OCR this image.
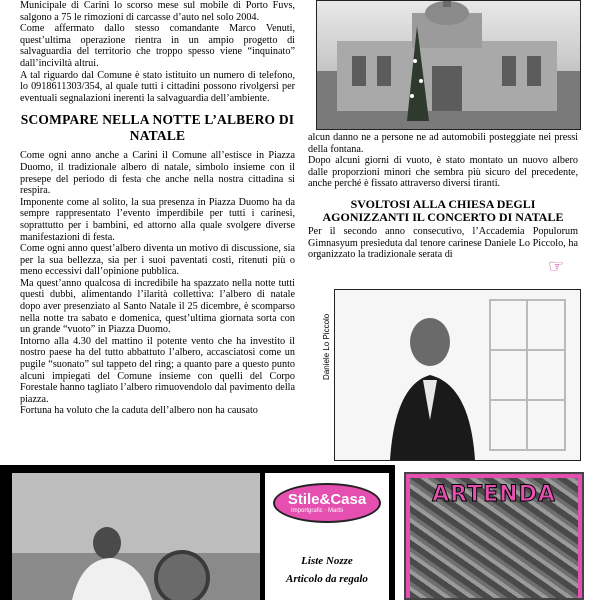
Municipale di Carini lo scorso mese sul mobile di Porto Fuvs, salgono a 75 le rimozioni di carcasse d’auto nel solo 2004.

Come affermato dallo stesso comandante Marco Venuti, quest’ultima operazione rientra in un ampio progetto di salvaguardia del territorio che troppo spesso viene “inquinato” dall’inciviltà altrui.

A tal riguardo dal Comune è stato istituito un numero di telefono, lo 0918611303/354, al quale tutti i cittadini possono rivolgersi per eventuali segnalazioni inerenti la salvaguardia dell’ambiente.

SCOMPARE NELLA NOTTE L’ALBERO DI NATALE

Come ogni anno anche a Carini il Comune all’estisce in Piazza Duomo, il tradizionale albero di natale, simbolo insieme con il presepe del periodo di festa che anche nella nostra cittadina si respira.

Imponente come al solito, la sua presenza in Piazza Duomo ha da sempre rappresentato l’evento imperdibile per tutti i carinesi, soprattutto per i bambini, ed attorno alla quale svolgere diverse manifestazioni di festa.

Come ogni anno quest’albero diventa un motivo di discussione, sia per la sua bellezza, sia per i suoi paventati costi, ritenuti più o meno eccessivi dall’opinione pubblica.

Ma quest’anno qualcosa di incredibile ha spazzato nella notte tutti questi dubbi, alimentando l’ilarità collettiva: l’albero di natale dopo aver presenziato al Santo Natale il 25 dicembre, è scomparso nella notte tra sabato e domenica, quest’ultima giornata sorta con un grande “vuoto” in Piazza Duomo.

Intorno alla 4.30 del mattino il potente vento che ha investito il nostro paese ha del tutto abbattuto l’albero, accasciatosi come un pugile “suonato” sul tappeto del ring; a quanto pare a questo punto alcuni impiegati del Comune insieme con quelli del Corpo Forestale hanno tagliato l’albero rimuovendolo dal pavimento della piazza.

Fortuna ha voluto che la caduta dell’albero non ha causato

alcun danno ne a persone ne ad automobili posteggiate nei pressi della fontana.

Dopo alcuni giorni di vuoto, è stato montato un nuovo albero dalle proporzioni minori che sembra più sicuro del precedente, anche perché è fissato attraverso diversi tiranti.

SVOLTOSI ALLA CHIESA DEGLI AGONIZZANTI IL CONCERTO DI NATALE

Per il secondo anno consecutivo, l’Accademia Populorum Gimnasyum presieduta dal tenore carinese Daniele Lo Piccolo, ha organizzato la tradizionale serata di

☞
Daniele Lo Piccolo
Stile&Casa
Importgrafic · Marbi
Liste Nozze
Articolo da regalo
ARTENDA
